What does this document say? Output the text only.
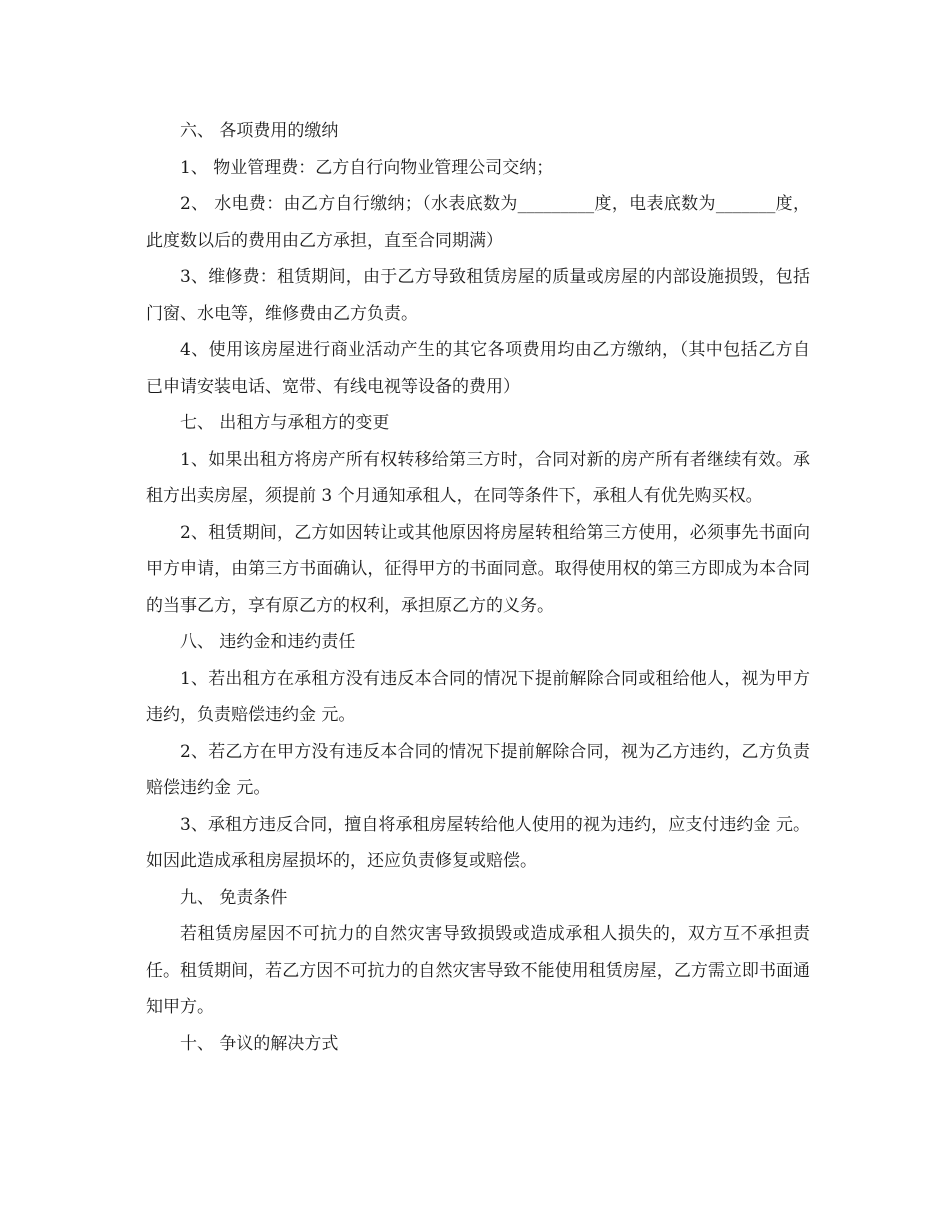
六、 各项费用的缴纳

1、 物业管理费：乙方自行向物业管理公司交纳；

2、 水电费：由乙方自行缴纳；（水表底数为_________度，电表底数为_______度，此度数以后的费用由乙方承担，直至合同期满）

3、维修费：租赁期间，由于乙方导致租赁房屋的质量或房屋的内部设施损毁，包括门窗、水电等，维修费由乙方负责。

4、使用该房屋进行商业活动产生的其它各项费用均由乙方缴纳，（其中包括乙方自已申请安装电话、宽带、有线电视等设备的费用）

七、 出租方与承租方的变更

1、如果出租方将房产所有权转移给第三方时，合同对新的房产所有者继续有效。承租方出卖房屋，须提前 3 个月通知承租人，在同等条件下，承租人有优先购买权。

2、租赁期间，乙方如因转让或其他原因将房屋转租给第三方使用，必须事先书面向甲方申请，由第三方书面确认，征得甲方的书面同意。取得使用权的第三方即成为本合同的当事乙方，享有原乙方的权利，承担原乙方的义务。

八、 违约金和违约责任

1、若出租方在承租方没有违反本合同的情况下提前解除合同或租给他人，视为甲方违约，负责赔偿违约金 元。

2、若乙方在甲方没有违反本合同的情况下提前解除合同，视为乙方违约，乙方负责赔偿违约金 元。

3、承租方违反合同，擅自将承租房屋转给他人使用的视为违约，应支付违约金 元。如因此造成承租房屋损坏的，还应负责修复或赔偿。

九、 免责条件

若租赁房屋因不可抗力的自然灾害导致损毁或造成承租人损失的，双方互不承担责任。租赁期间，若乙方因不可抗力的自然灾害导致不能使用租赁房屋，乙方需立即书面通知甲方。

十、 争议的解决方式
